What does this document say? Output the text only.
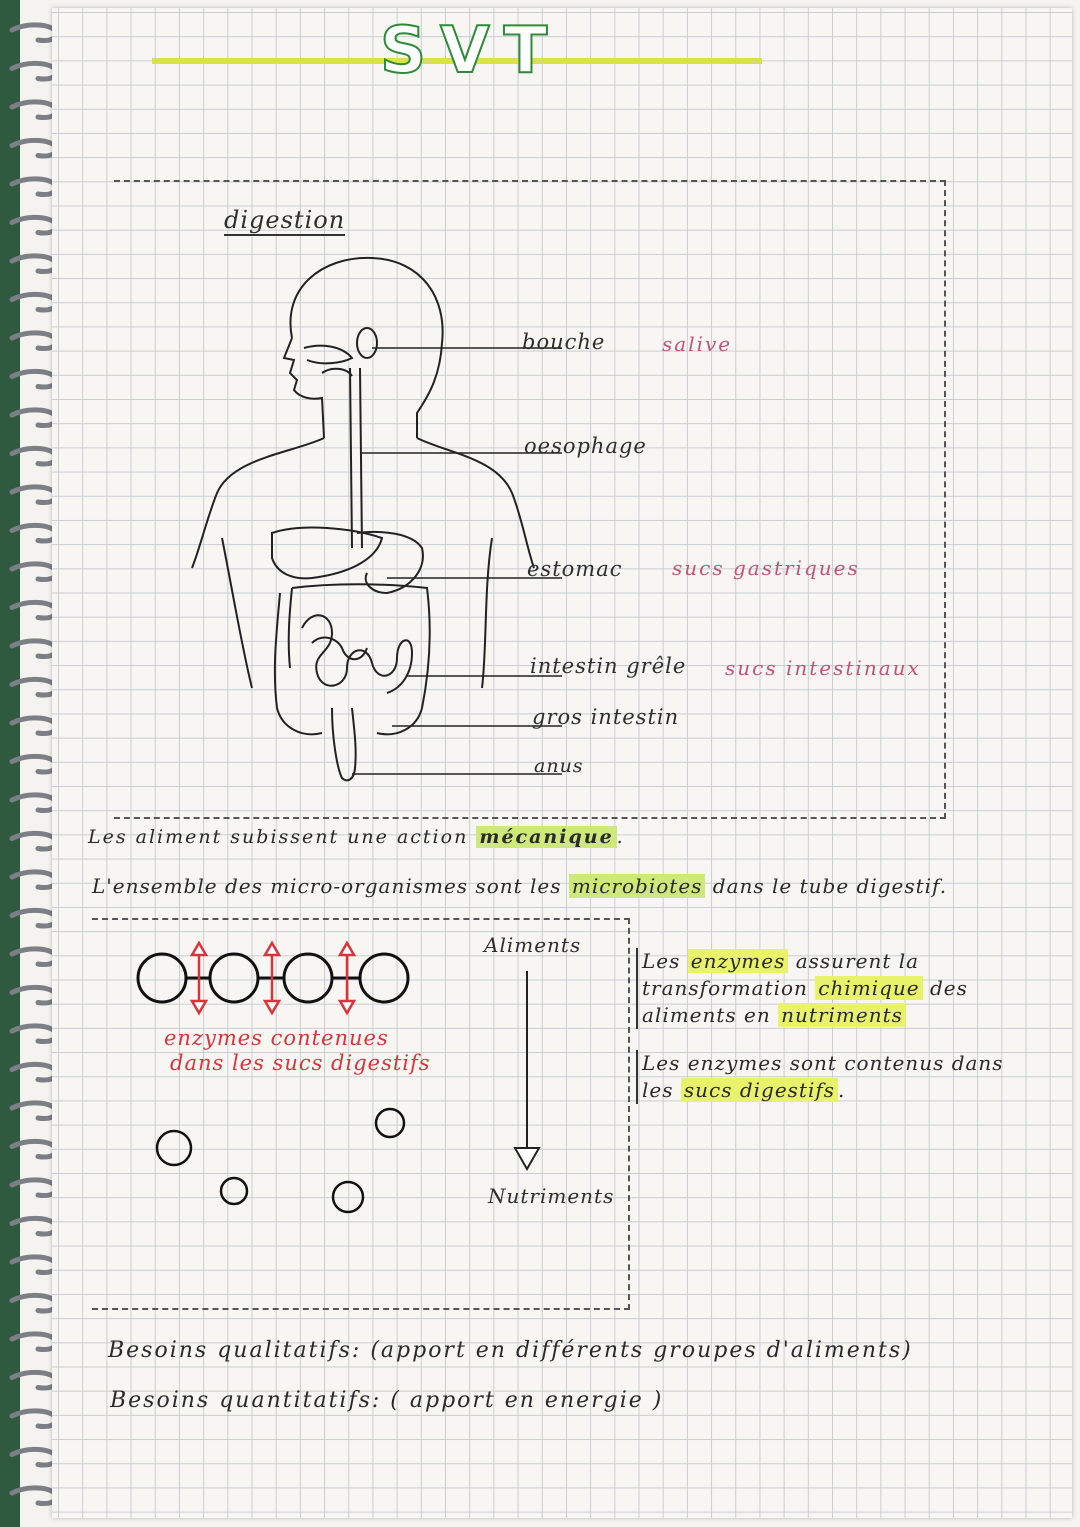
SVT
digestion
bouche	salive
oesophage
estomac sucs gastriques
intestin grêle sucs intestinaux
gros intestin
anus
Les aliment subissent une action mécanique .
L'ensemble des micro-organismes sont les microbiotes dans le tube digestif.
enzymes contenues
dans les sucs digestifs
Aliments
Nutriments
Les enzymes assurent la transformation chimique des aliments en nutriments
Les enzymes sont contenus dans les sucs digestifs .
Besoins qualitatifs: (apport en différents groupes d'aliments)
Besoins quantitatifs: ( apport en energie )
